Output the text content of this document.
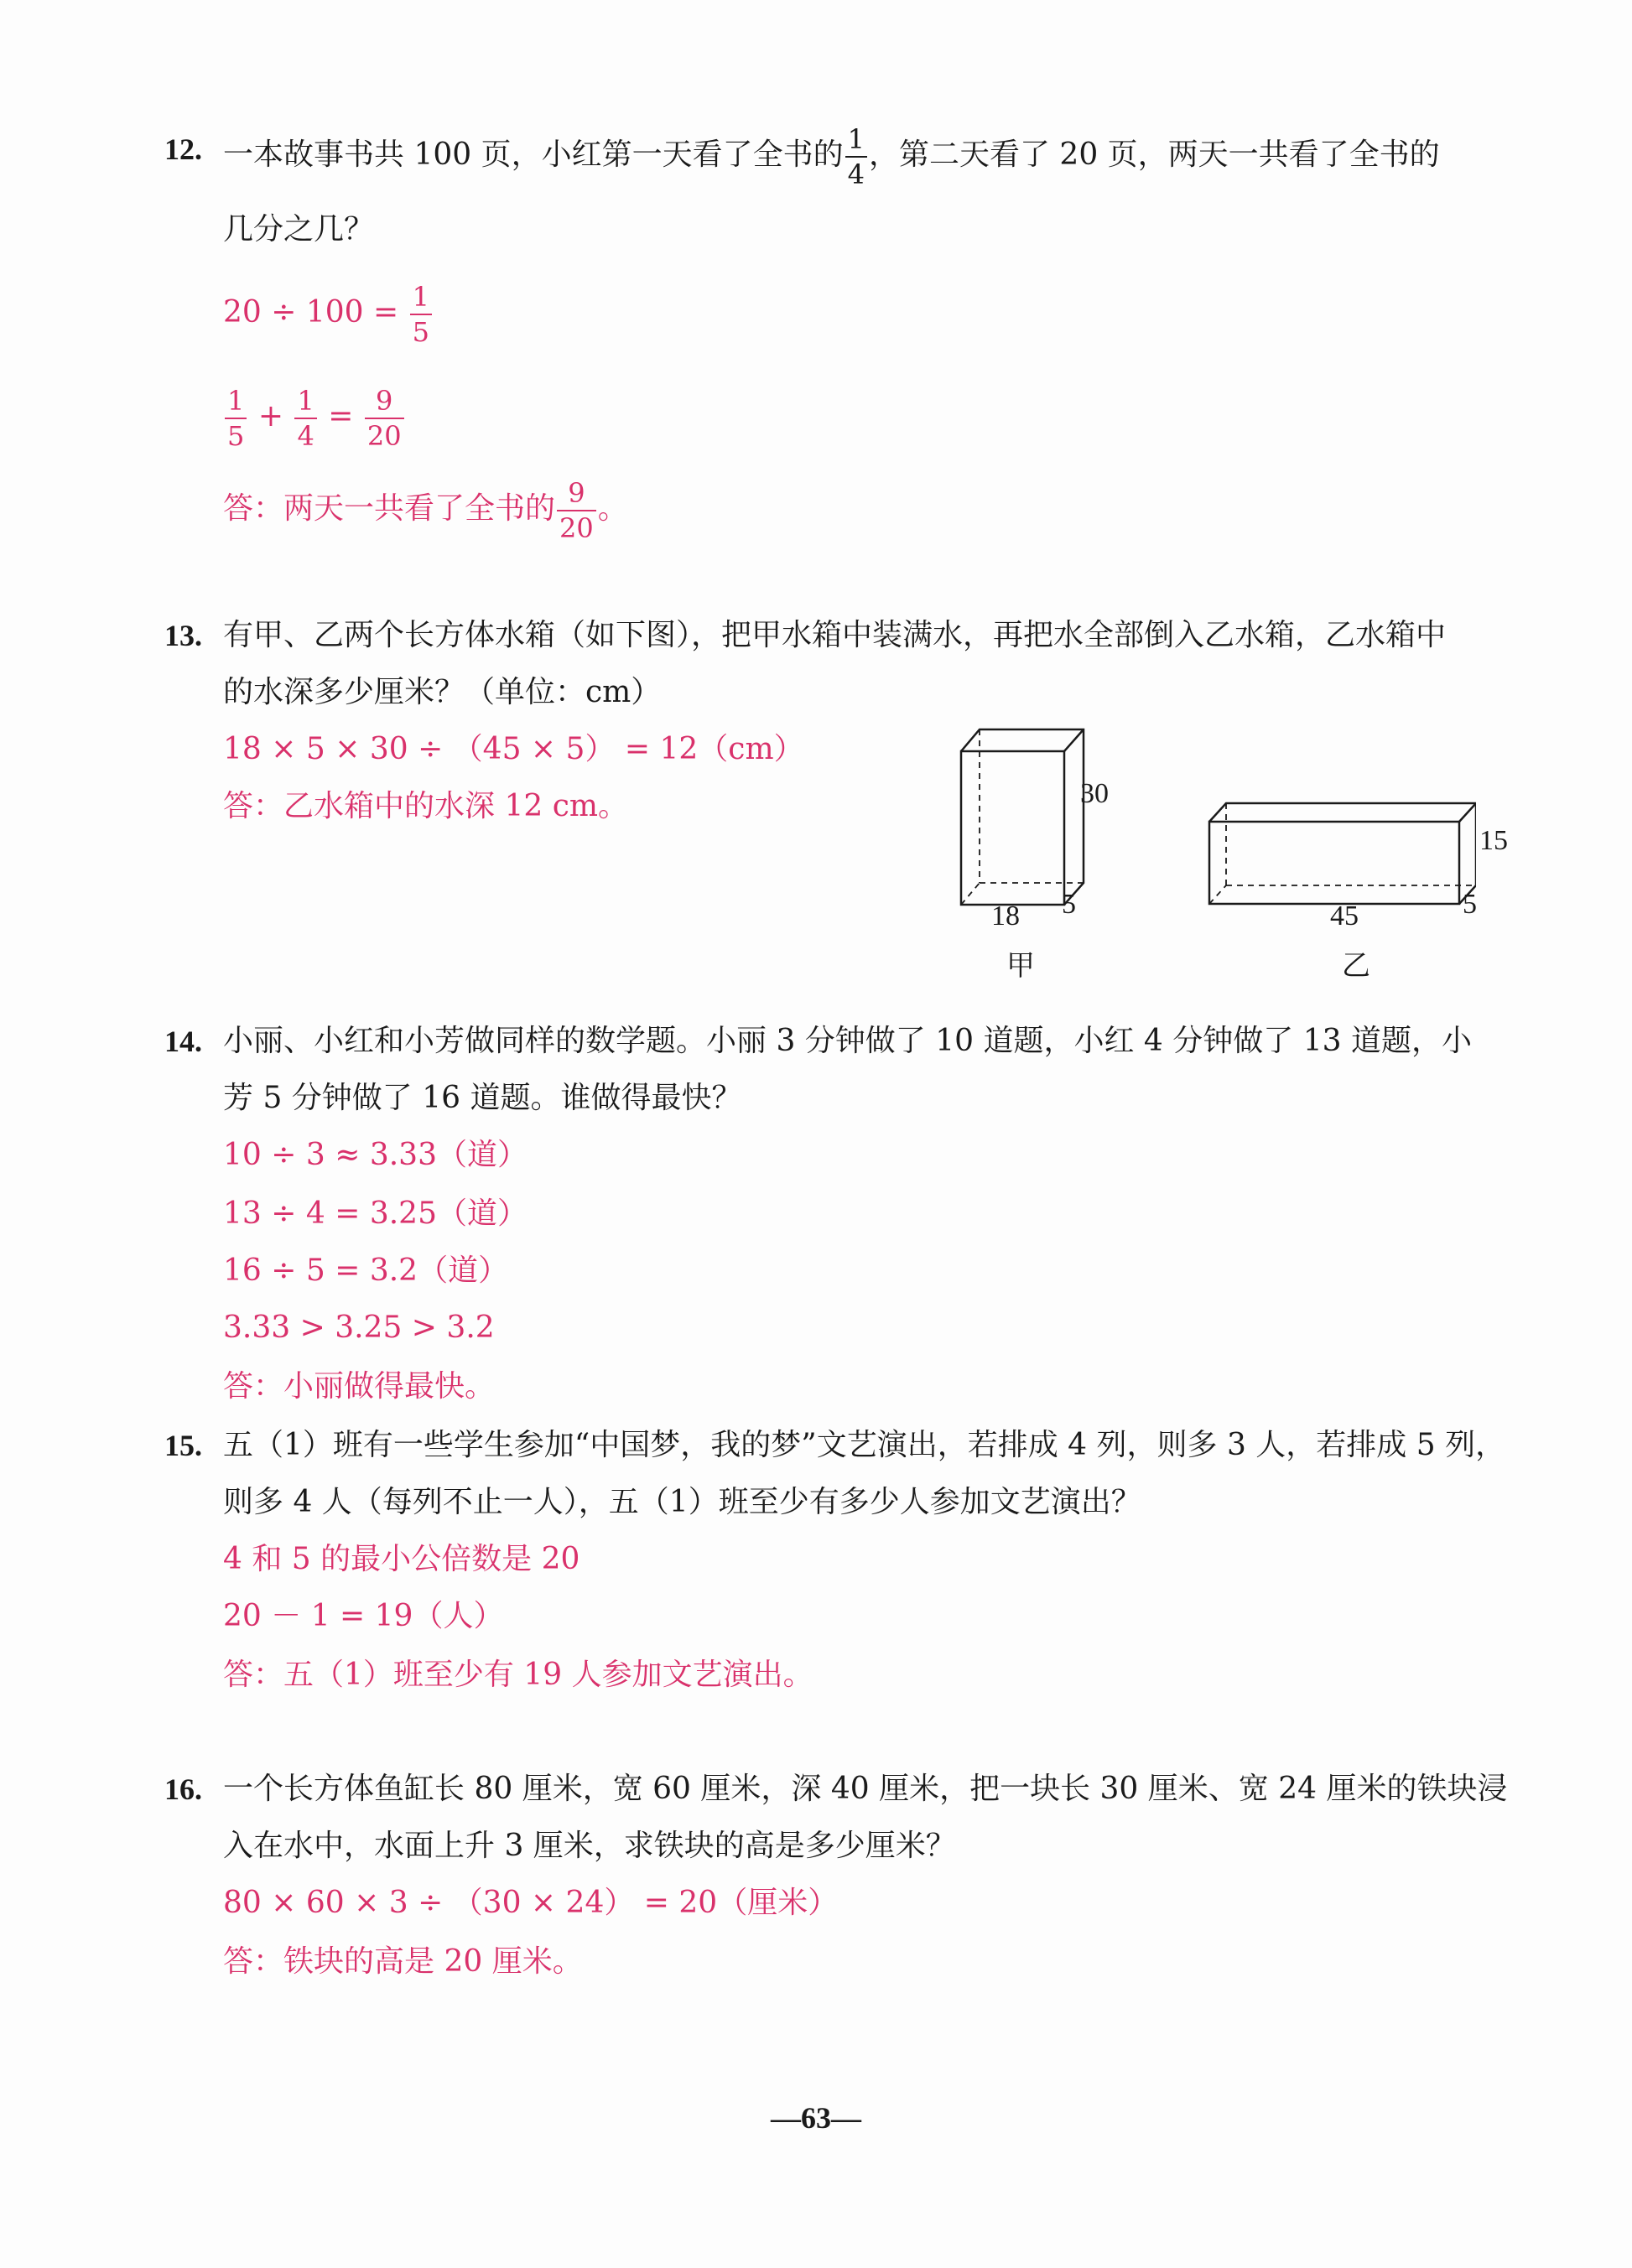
12. 一本故事书共 100 页，小红第一天看了全书的 $\frac{1}{4}$ ，第二天看了 20 页，两天一共看了全书的
几分之几？
$20 \div 100 = \frac{1}{5}$
$\frac{1}{5} + \frac{1}{4} = \frac{9}{20}$
答：两天一共看了全书的 $\frac{9}{20}$ 。
13. 有甲、乙两个长方体水箱（如下图），把甲水箱中装满水，再把水全部倒入乙水箱，乙水箱中
的水深多少厘米？（单位：cm）
18 × 5 × 30 ÷ （45 × 5） = 12（cm）
答：乙水箱中的水深 12 cm。	30
18 5
甲
15
45	5
乙
14. 小丽、小红和小芳做同样的数学题。小丽 3 分钟做了 10 道题，小红 4 分钟做了 13 道题，小
芳 5 分钟做了 16 道题。谁做得最快？
10 ÷ 3 ≈ 3.33（道）
13 ÷ 4 = 3.25（道）
16 ÷ 5 = 3.2（道）
3.33 > 3.25 > 3.2
答：小丽做得最快。
15. 五（1）班有一些学生参加“中国梦，我的梦”文艺演出，若排成 4 列，则多 3 人，若排成 5 列，
则多 4 人（每列不止一人），五（1）班至少有多少人参加文艺演出？
4 和 5 的最小公倍数是 20
20 － 1 = 19（人）
答：五（1）班至少有 19 人参加文艺演出。
16. 一个长方体鱼缸长 80 厘米，宽 60 厘米，深 40 厘米，把一块长 30 厘米、宽 24 厘米的铁块浸
入在水中，水面上升 3 厘米，求铁块的高是多少厘米？
80 × 60 × 3 ÷ （30 × 24） = 20（厘米）
答：铁块的高是 20 厘米。
—63—
